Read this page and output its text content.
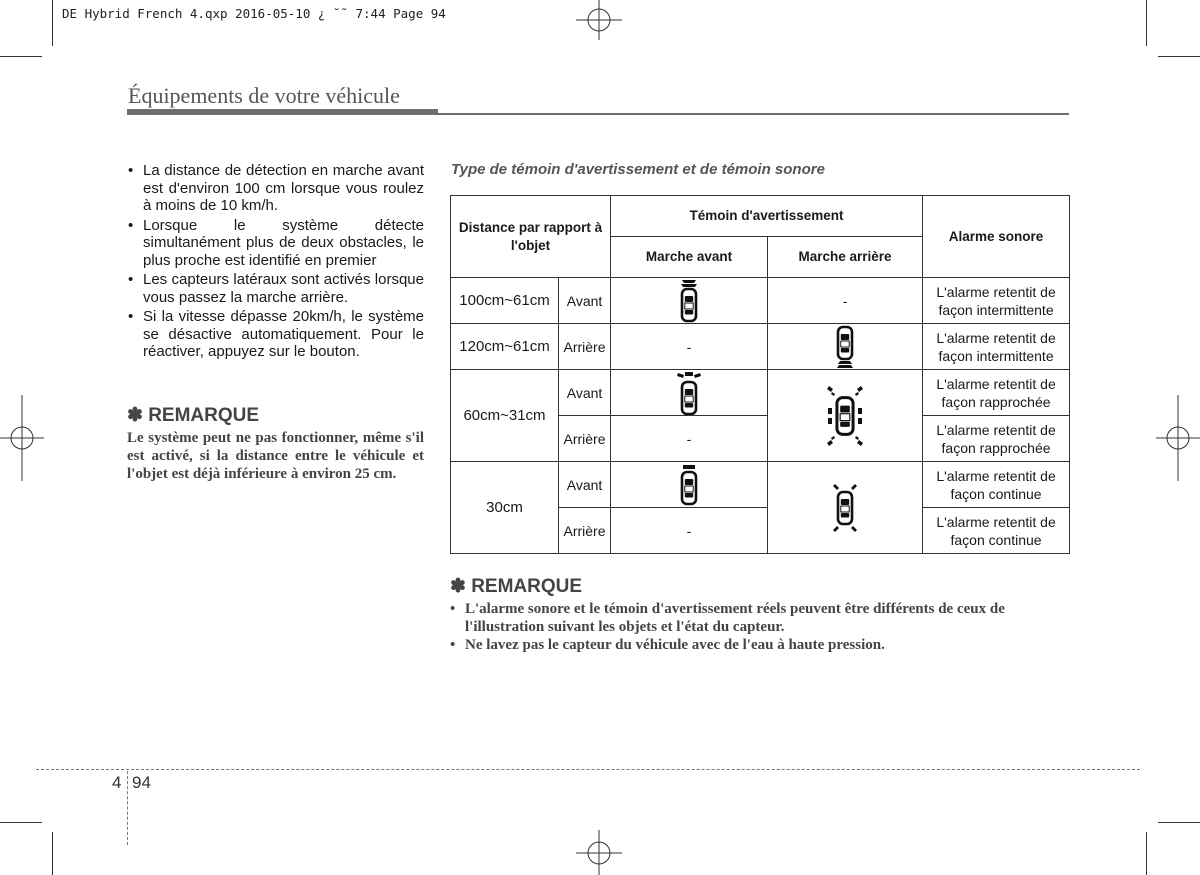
DE Hybrid French 4.qxp 2016-05-10 ¿ ˘˜ 7:44 Page 94
Équipements de votre véhicule
• La distance de détection en marche avant est d'environ 100 cm lorsque vous roulez à moins de 10 km/h.
• Lorsque le système détecte simultanément plus de deux obstacles, le plus proche est identifié en premier
• Les capteurs latéraux sont activés lorsque vous passez la marche arrière.
• Si la vitesse dépasse 20km/h, le système se désactive automatiquement. Pour le réactiver, appuyez sur le bouton.
✽ REMARQUE

Le système peut ne pas fonctionner, même s'il est activé, si la distance entre le véhicule et l'objet est déjà inférieure à environ 25 cm.

Type de témoin d'avertissement et de témoin sonore
Distance par rapport à l'objet		Témoin d'avertissement		Alarme sonore
		Marche avant	Marche arrière	
100cm~61cm	Avant		-	L'alarme retentit de façon intermittente
120cm~61cm	Arrière	-		L'alarme retentit de façon intermittente
60cm~31cm	Avant			L'alarme retentit de façon rapprochée
	Arrière	-		L'alarme retentit de façon rapprochée
30cm	Avant			L'alarme retentit de façon continue
	Arrière	-		L'alarme retentit de façon continue
✽ REMARQUE
• L'alarme sonore et le témoin d'avertissement réels peuvent être différents de ceux de l'illustration suivant les objets et l'état du capteur.
• Ne lavez pas le capteur du véhicule avec de l'eau à haute pression.
4 94
